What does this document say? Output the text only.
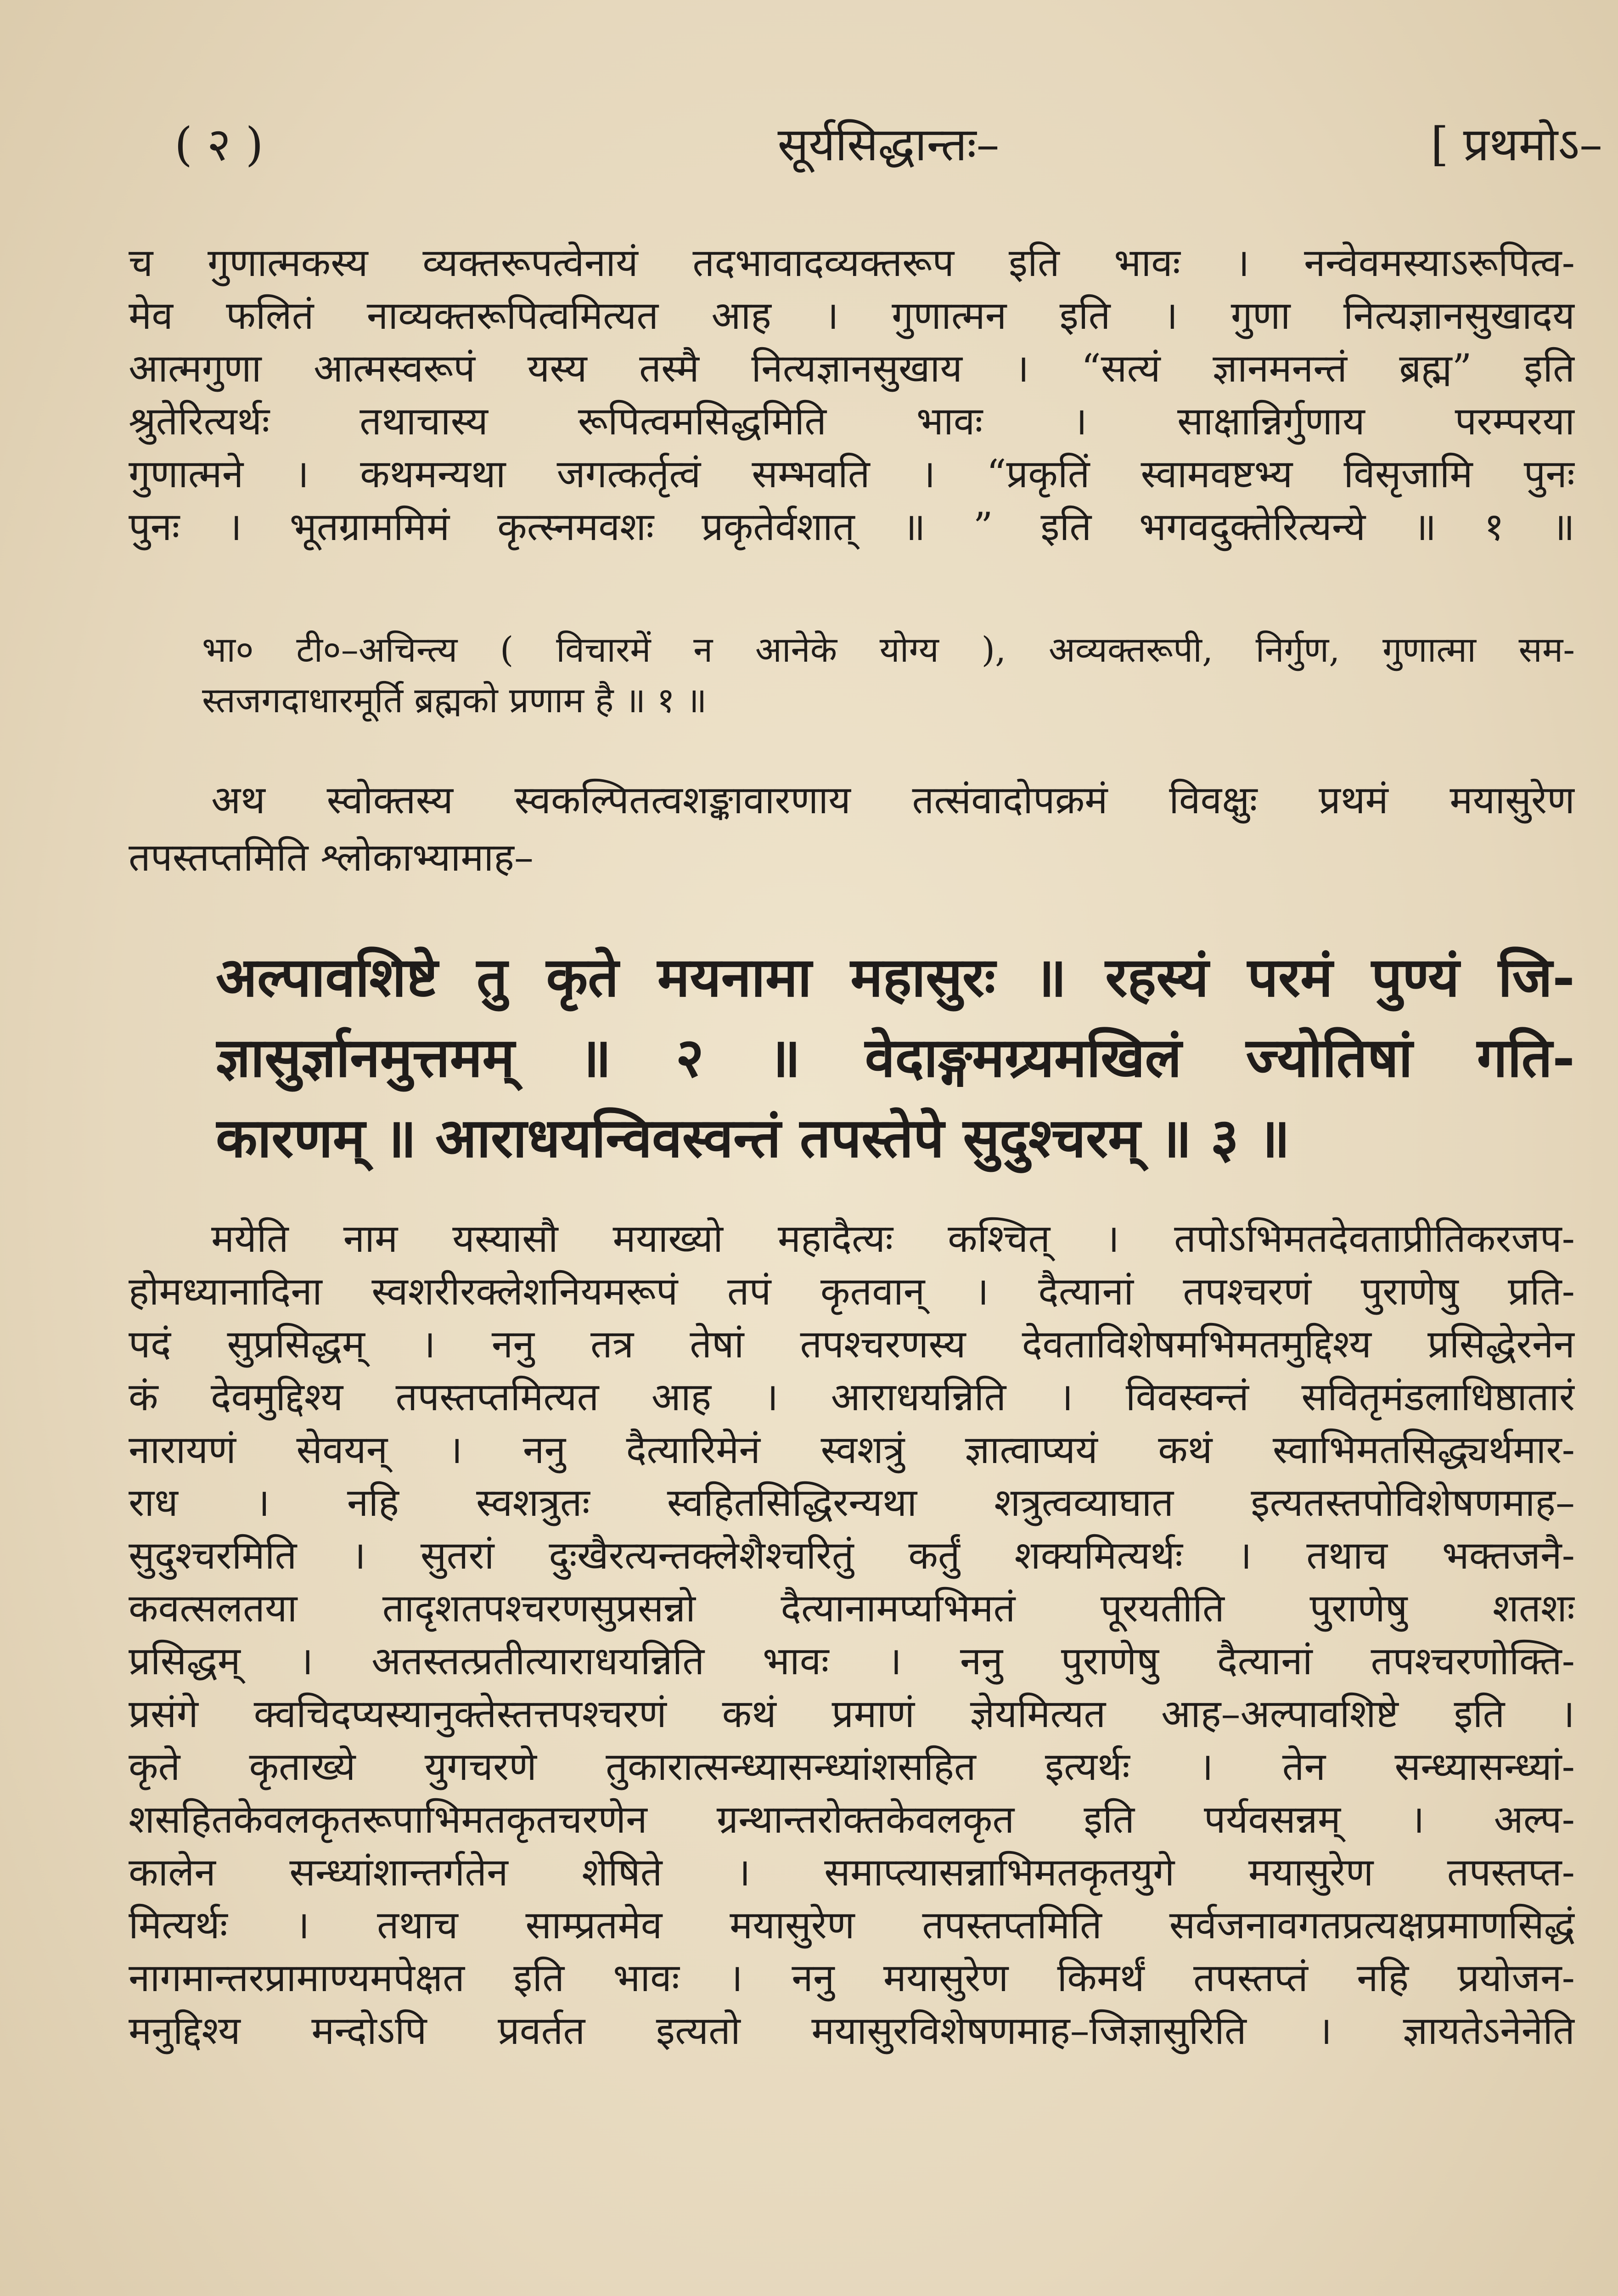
( २ )	सूर्यसिद्धान्तः–	[ प्रथमोऽ–
च गुणात्मकस्य व्यक्तरूपत्वेनायं तदभावादव्यक्तरूप इति भावः । नन्वेवमस्याऽरूपित्व-
मेव फलितं नाव्यक्तरूपित्वमित्यत आह । गुणात्मन इति । गुणा नित्यज्ञानसुखादय
आत्मगुणा आत्मस्वरूपं यस्य तस्मै नित्यज्ञानसुखाय । “सत्यं ज्ञानमनन्तं ब्रह्म” इति
श्रुतेरित्यर्थः तथाचास्य रूपित्वमसिद्धमिति भावः । साक्षान्निर्गुणाय परम्परया
गुणात्मने । कथमन्यथा जगत्कर्तृत्वं सम्भवति । “प्रकृतिं स्वामवष्टभ्य विसृजामि पुनः
पुनः । भूतग्राममिमं कृत्स्नमवशः प्रकृतेर्वशात् ॥ ” इति भगवदुक्तेरित्यन्ये ॥ १ ॥
भा० टी०–अचिन्त्य ( विचारमें न आनेके योग्य ), अव्यक्तरूपी, निर्गुण, गुणात्मा सम-
स्तजगदाधारमूर्ति ब्रह्मको प्रणाम है ॥ १ ॥
अथ स्वोक्तस्य स्वकल्पितत्वशङ्कावारणाय तत्संवादोपक्रमं विवक्षुः प्रथमं मयासुरेण
तपस्तप्तमिति श्लोकाभ्यामाह–
अल्पावशिष्टे तु कृते मयनामा महासुरः ॥ रहस्यं परमं पुण्यं जि-
ज्ञासुर्ज्ञानमुत्तमम् ॥ २ ॥ वेदाङ्गमग्र्यमखिलं ज्योतिषां गति-
कारणम् ॥ आराधयन्विवस्वन्तं तपस्तेपे सुदुश्चरम् ॥ ३ ॥
मयेति नाम यस्यासौ मयाख्यो महादैत्यः कश्चित् । तपोऽभिमतदेवताप्रीतिकरजप-
होमध्यानादिना स्वशरीरक्लेशनियमरूपं तपं कृतवान् । दैत्यानां तपश्चरणं पुराणेषु प्रति-
पदं सुप्रसिद्धम् । ननु तत्र तेषां तपश्चरणस्य देवताविशेषमभिमतमुद्दिश्य प्रसिद्धेरनेन
कं देवमुद्दिश्य तपस्तप्तमित्यत आह । आराधयन्निति । विवस्वन्तं सवितृमंडलाधिष्ठातारं
नारायणं सेवयन् । ननु दैत्यारिमेनं स्वशत्रुं ज्ञात्वाप्ययं कथं स्वाभिमतसिद्ध्यर्थमार-
राध । नहि स्वशत्रुतः स्वहितसिद्धिरन्यथा शत्रुत्वव्याघात इत्यतस्तपोविशेषणमाह–
सुदुश्चरमिति । सुतरां दुःखैरत्यन्तक्लेशैश्चरितुं कर्तुं शक्यमित्यर्थः । तथाच भक्तजनै-
कवत्सलतया तादृशतपश्चरणसुप्रसन्नो दैत्यानामप्यभिमतं पूरयतीति पुराणेषु शतशः
प्रसिद्धम् । अतस्तत्प्रतीत्याराधयन्निति भावः । ननु पुराणेषु दैत्यानां तपश्चरणोक्ति-
प्रसंगे क्वचिदप्यस्यानुक्तेस्तत्तपश्चरणं कथं प्रमाणं ज्ञेयमित्यत आह–अल्पावशिष्टे इति ।
कृते कृताख्ये युगचरणे तुकारात्सन्ध्यासन्ध्यांशसहित इत्यर्थः । तेन सन्ध्यासन्ध्यां-
शसहितकेवलकृतरूपाभिमतकृतचरणेन ग्रन्थान्तरोक्तकेवलकृत इति पर्यवसन्नम् । अल्प-
कालेन सन्ध्यांशान्तर्गतेन शेषिते । समाप्त्यासन्नाभिमतकृतयुगे मयासुरेण तपस्तप्त-
मित्यर्थः । तथाच साम्प्रतमेव मयासुरेण तपस्तप्तमिति सर्वजनावगतप्रत्यक्षप्रमाणसिद्धं
नागमान्तरप्रामाण्यमपेक्षत इति भावः । ननु मयासुरेण किमर्थं तपस्तप्तं नहि प्रयोजन-
मनुद्दिश्य मन्दोऽपि प्रवर्तत इत्यतो मयासुरविशेषणमाह–जिज्ञासुरिति । ज्ञायतेऽनेनेति
